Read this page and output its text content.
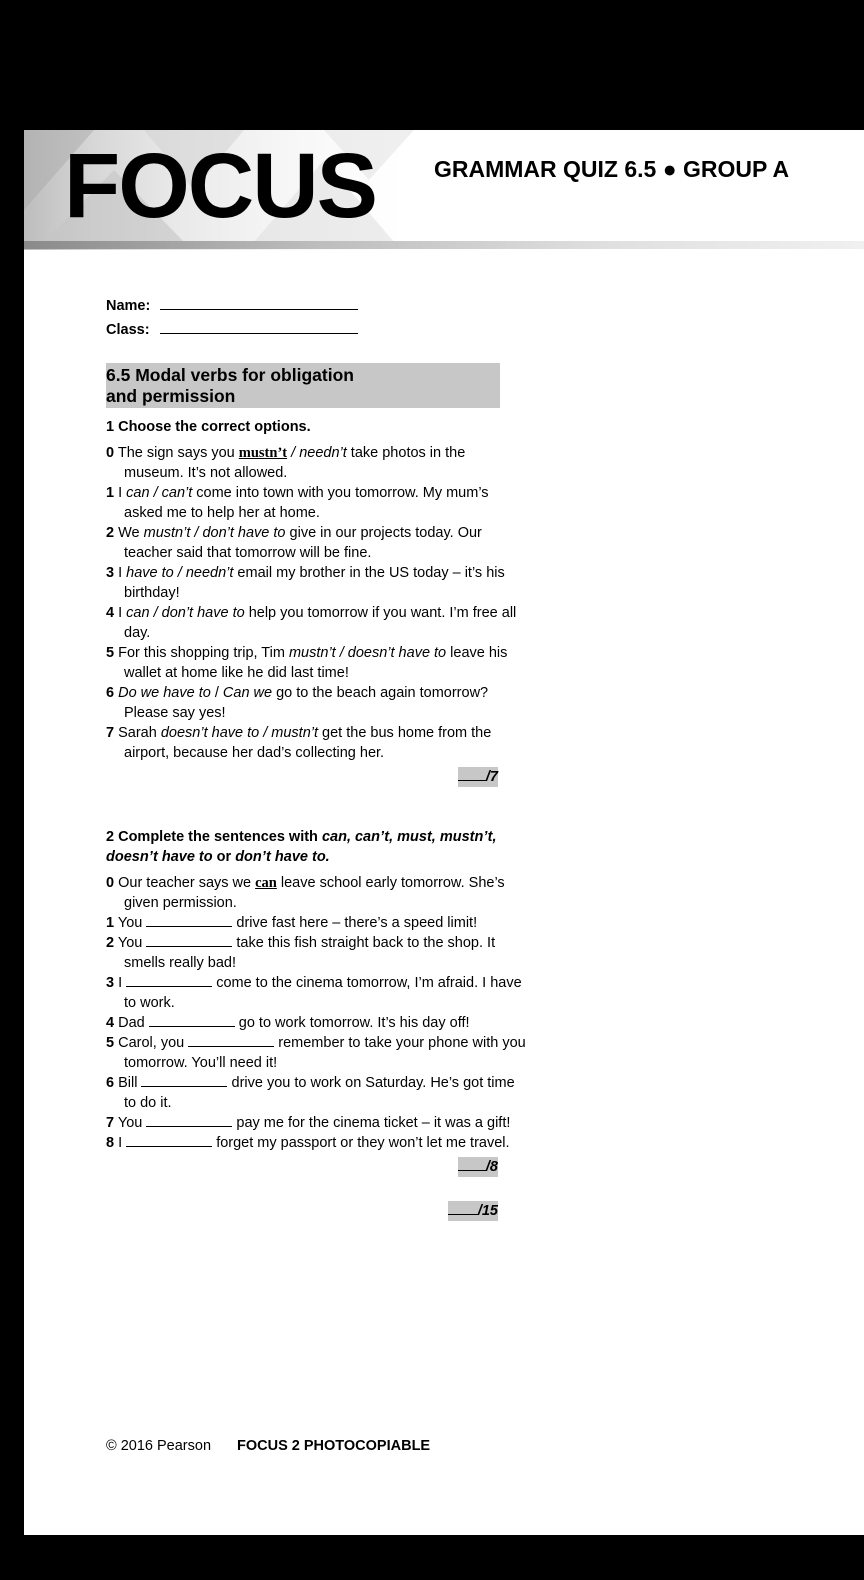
FOCUS	GRAMMAR QUIZ 6.5 ● GROUP A
Name:
Class:
6.5 Modal verbs for obligation
and permission
1 Choose the correct options.

0 The sign says you mustn’t / needn’t take photos in the museum. It’s not allowed.

1 I can / can’t come into town with you tomorrow. My mum’s asked me to help her at home.

2 We mustn’t / don’t have to give in our projects today. Our teacher said that tomorrow will be fine.

3 I have to / needn’t email my brother in the US today – it’s his birthday!

4 I can / don’t have to help you tomorrow if you want. I’m free all day.

5 For this shopping trip, Tim mustn’t / doesn’t have to leave his wallet at home like he did last time!

6 Do we have to / Can we go to the beach again tomorrow? Please say yes!

7 Sarah doesn’t have to / mustn’t get the bus home from the airport, because her dad’s collecting her.

/7
2 Complete the sentences with can, can’t, must, mustn’t, doesn’t have to or don’t have to.

0 Our teacher says we can leave school early tomorrow. She’s given permission.

1 You	drive fast here – there’s a speed limit!

2 You	take this fish straight back to the shop. It smells really bad!

3 I	come to the cinema tomorrow, I’m afraid. I have to work.

4 Dad	go to work tomorrow. It’s his day off!

5 Carol, you	remember to take your phone with you tomorrow. You’ll need it!

6 Bill	drive you to work on Saturday. He’s got time to do it.

7 You	pay me for the cinema ticket – it was a gift!

8 I	forget my passport or they won’t let me travel.

/8
/15
© 2016 Pearson FOCUS 2 PHOTOCOPIABLE
